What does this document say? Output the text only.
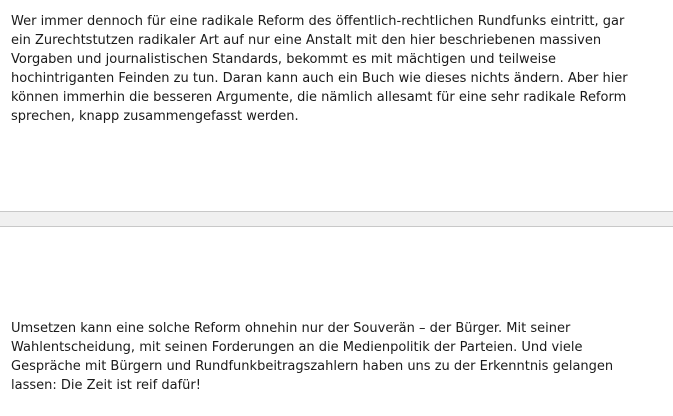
Wer immer dennoch für eine radikale Reform des öffentlich-rechtlichen Rundfunks eintritt, gar ein Zurechtstutzen radikaler Art auf nur eine Anstalt mit den hier beschriebenen massiven Vorgaben und journalistischen Standards, bekommt es mit mächtigen und teilweise hochintriganten Feinden zu tun. Daran kann auch ein Buch wie dieses nichts ändern. Aber hier können immerhin die besseren Argumente, die nämlich allesamt für eine sehr radikale Reform sprechen, knapp zusammengefasst werden.

Umsetzen kann eine solche Reform ohnehin nur der Souverän – der Bürger. Mit seiner Wahlentscheidung, mit seinen Forderungen an die Medienpolitik der Parteien. Und viele Gespräche mit Bürgern und Rundfunkbeitragszahlern haben uns zu der Erkenntnis gelangen lassen: Die Zeit ist reif dafür!
